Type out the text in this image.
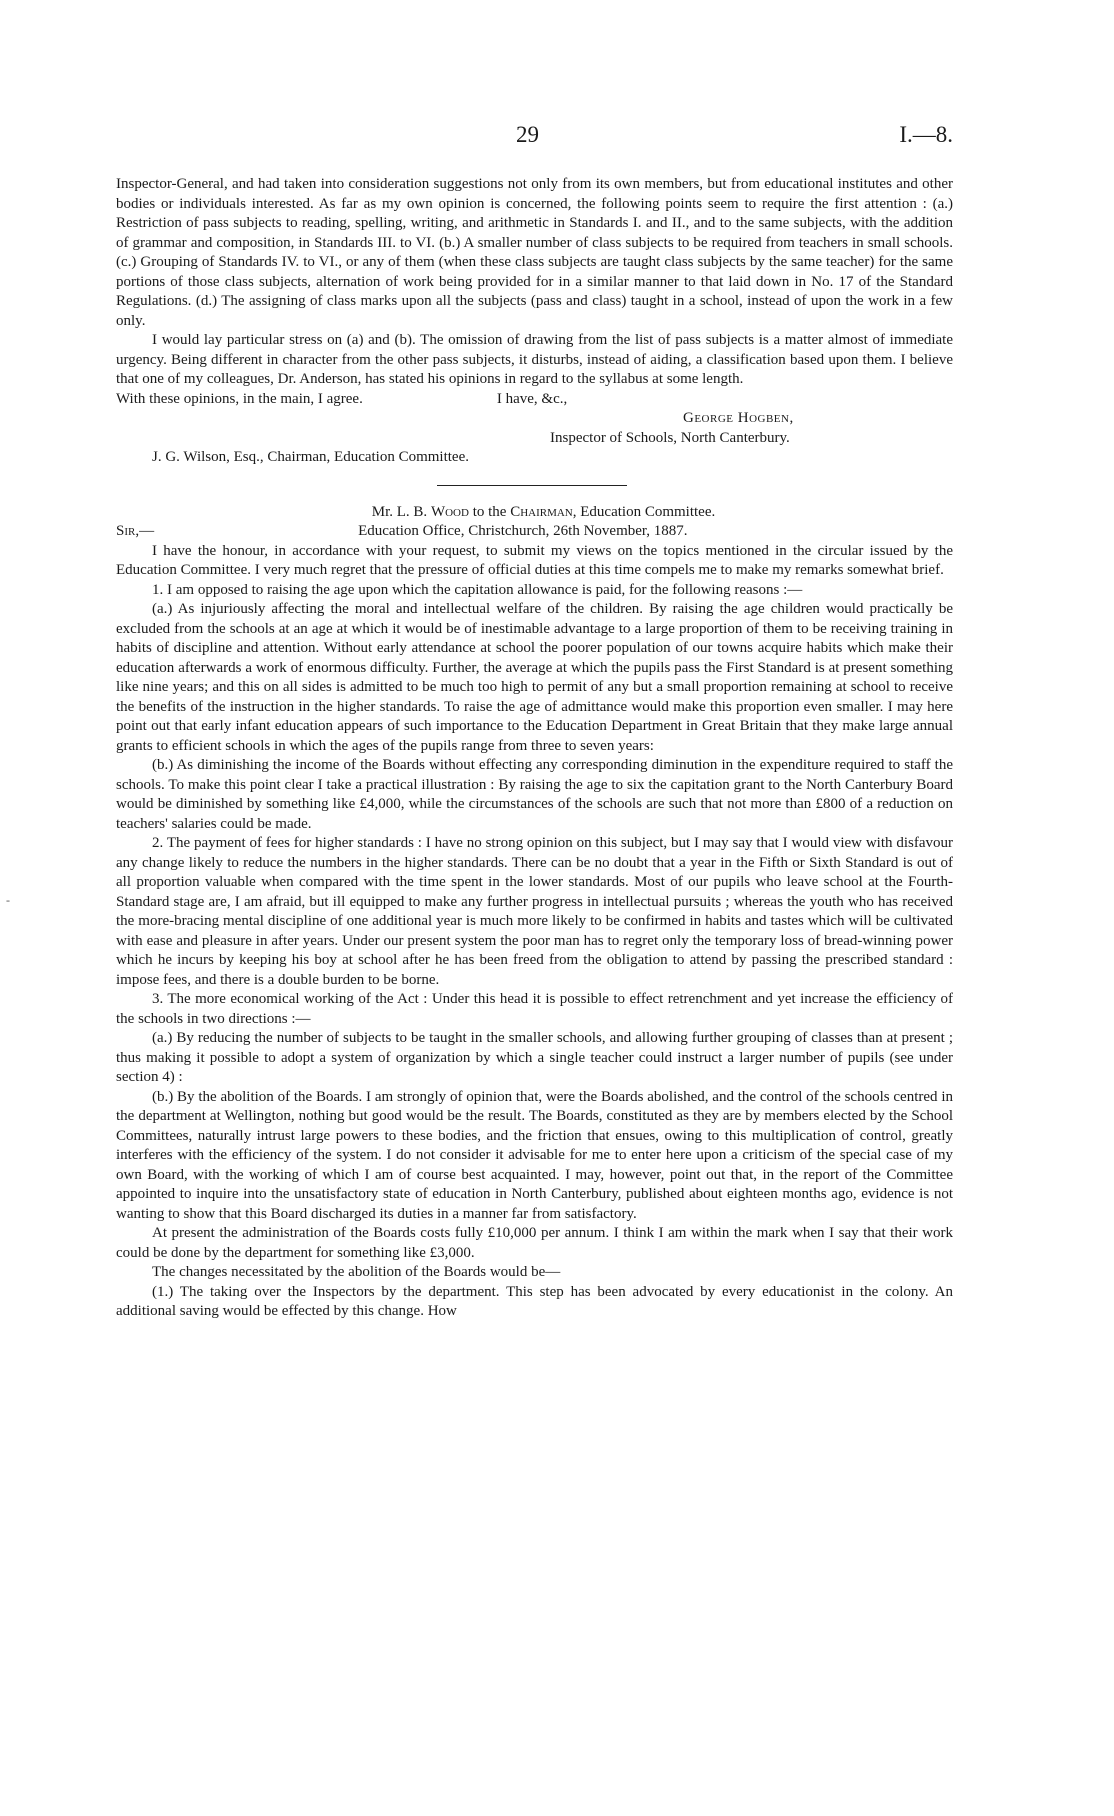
29	I.—8.
-

Inspector-General, and had taken into consideration suggestions not only from its own members, but from educational institutes and other bodies or individuals interested. As far as my own opinion is concerned, the following points seem to require the first attention : (a.) Restriction of pass subjects to reading, spelling, writing, and arithmetic in Standards I. and II., and to the same subjects, with the addition of grammar and composition, in Standards III. to VI. (b.) A smaller number of class subjects to be required from teachers in small schools. (c.) Grouping of Standards IV. to VI., or any of them (when these class subjects are taught class subjects by the same teacher) for the same portions of those class subjects, alternation of work being provided for in a similar manner to that laid down in No. 17 of the Standard Regulations. (d.) The assigning of class marks upon all the subjects (pass and class) taught in a school, instead of upon the work in a few only.

I would lay particular stress on (a) and (b). The omission of drawing from the list of pass subjects is a matter almost of immediate urgency. Being different in character from the other pass subjects, it disturbs, instead of aiding, a classification based upon them. I believe that one of my colleagues, Dr. Anderson, has stated his opinions in regard to the syllabus at some length.

With these opinions, in the main, I agree.	I have, &c.,

George Hogben,

Inspector of Schools, North Canterbury.

J. G. Wilson, Esq., Chairman, Education Committee.

Mr. L. B. Wood to the Chairman, Education Committee.

Sir,—	Education Office, Christchurch, 26th November, 1887.

I have the honour, in accordance with your request, to submit my views on the topics mentioned in the circular issued by the Education Committee. I very much regret that the pressure of official duties at this time compels me to make my remarks somewhat brief.

1. I am opposed to raising the age upon which the capitation allowance is paid, for the following reasons :—

(a.) As injuriously affecting the moral and intellectual welfare of the children. By raising the age children would practically be excluded from the schools at an age at which it would be of inestimable advantage to a large proportion of them to be receiving training in habits of discipline and attention. Without early attendance at school the poorer population of our towns acquire habits which make their education afterwards a work of enormous difficulty. Further, the average at which the pupils pass the First Standard is at present something like nine years; and this on all sides is admitted to be much too high to permit of any but a small proportion remaining at school to receive the benefits of the instruction in the higher standards. To raise the age of admittance would make this proportion even smaller. I may here point out that early infant education appears of such importance to the Education Department in Great Britain that they make large annual grants to efficient schools in which the ages of the pupils range from three to seven years:

(b.) As diminishing the income of the Boards without effecting any corresponding diminution in the expenditure required to staff the schools. To make this point clear I take a practical illustration : By raising the age to six the capitation grant to the North Canterbury Board would be diminished by something like £4,000, while the circumstances of the schools are such that not more than £800 of a reduction on teachers' salaries could be made.

2. The payment of fees for higher standards : I have no strong opinion on this subject, but I may say that I would view with disfavour any change likely to reduce the numbers in the higher standards. There can be no doubt that a year in the Fifth or Sixth Standard is out of all proportion valuable when compared with the time spent in the lower standards. Most of our pupils who leave school at the Fourth-Standard stage are, I am afraid, but ill equipped to make any further progress in intellectual pursuits ; whereas the youth who has received the more-bracing mental discipline of one additional year is much more likely to be confirmed in habits and tastes which will be cultivated with ease and pleasure in after years. Under our present system the poor man has to regret only the temporary loss of bread-winning power which he incurs by keeping his boy at school after he has been freed from the obligation to attend by passing the prescribed standard : impose fees, and there is a double burden to be borne.

3. The more economical working of the Act : Under this head it is possible to effect retrenchment and yet increase the efficiency of the schools in two directions :—

(a.) By reducing the number of subjects to be taught in the smaller schools, and allowing further grouping of classes than at present ; thus making it possible to adopt a system of organization by which a single teacher could instruct a larger number of pupils (see under section 4) :

(b.) By the abolition of the Boards. I am strongly of opinion that, were the Boards abolished, and the control of the schools centred in the department at Wellington, nothing but good would be the result. The Boards, constituted as they are by members elected by the School Committees, naturally intrust large powers to these bodies, and the friction that ensues, owing to this multiplication of control, greatly interferes with the efficiency of the system. I do not consider it advisable for me to enter here upon a criticism of the special case of my own Board, with the working of which I am of course best acquainted. I may, however, point out that, in the report of the Committee appointed to inquire into the unsatisfactory state of education in North Canterbury, published about eighteen months ago, evidence is not wanting to show that this Board discharged its duties in a manner far from satisfactory.

At present the administration of the Boards costs fully £10,000 per annum. I think I am within the mark when I say that their work could be done by the department for something like £3,000.

The changes necessitated by the abolition of the Boards would be—

(1.) The taking over the Inspectors by the department. This step has been advocated by every educationist in the colony. An additional saving would be effected by this change. How
